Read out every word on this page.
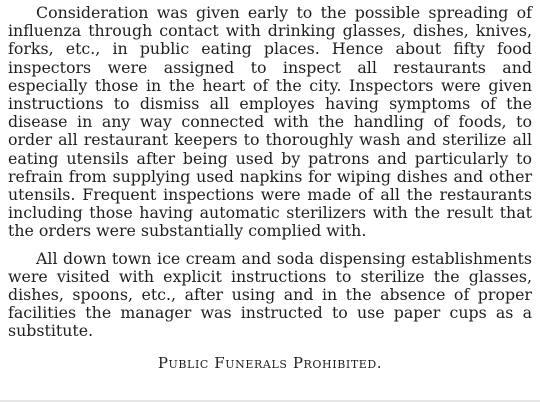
Consideration was given early to the possible spreading of influenza through contact with drinking glasses, dishes, knives, forks, etc., in public eating places. Hence about fifty food inspectors were assigned to inspect all restaurants and especially those in the heart of the city. Inspectors were given instructions to dismiss all employes having symptoms of the disease in any way connected with the handling of foods, to order all restaurant keepers to thoroughly wash and sterilize all eating utensils after being used by patrons and particularly to refrain from supplying used napkins for wiping dishes and other utensils. Frequent inspections were made of all the restaurants including those having automatic sterilizers with the result that the orders were substantially complied with.

All down town ice cream and soda dispensing establishments were visited with explicit instructions to sterilize the glasses, dishes, spoons, etc., after using and in the absence of proper facilities the manager was instructed to use paper cups as a substitute.

Public Funerals Prohibited.
